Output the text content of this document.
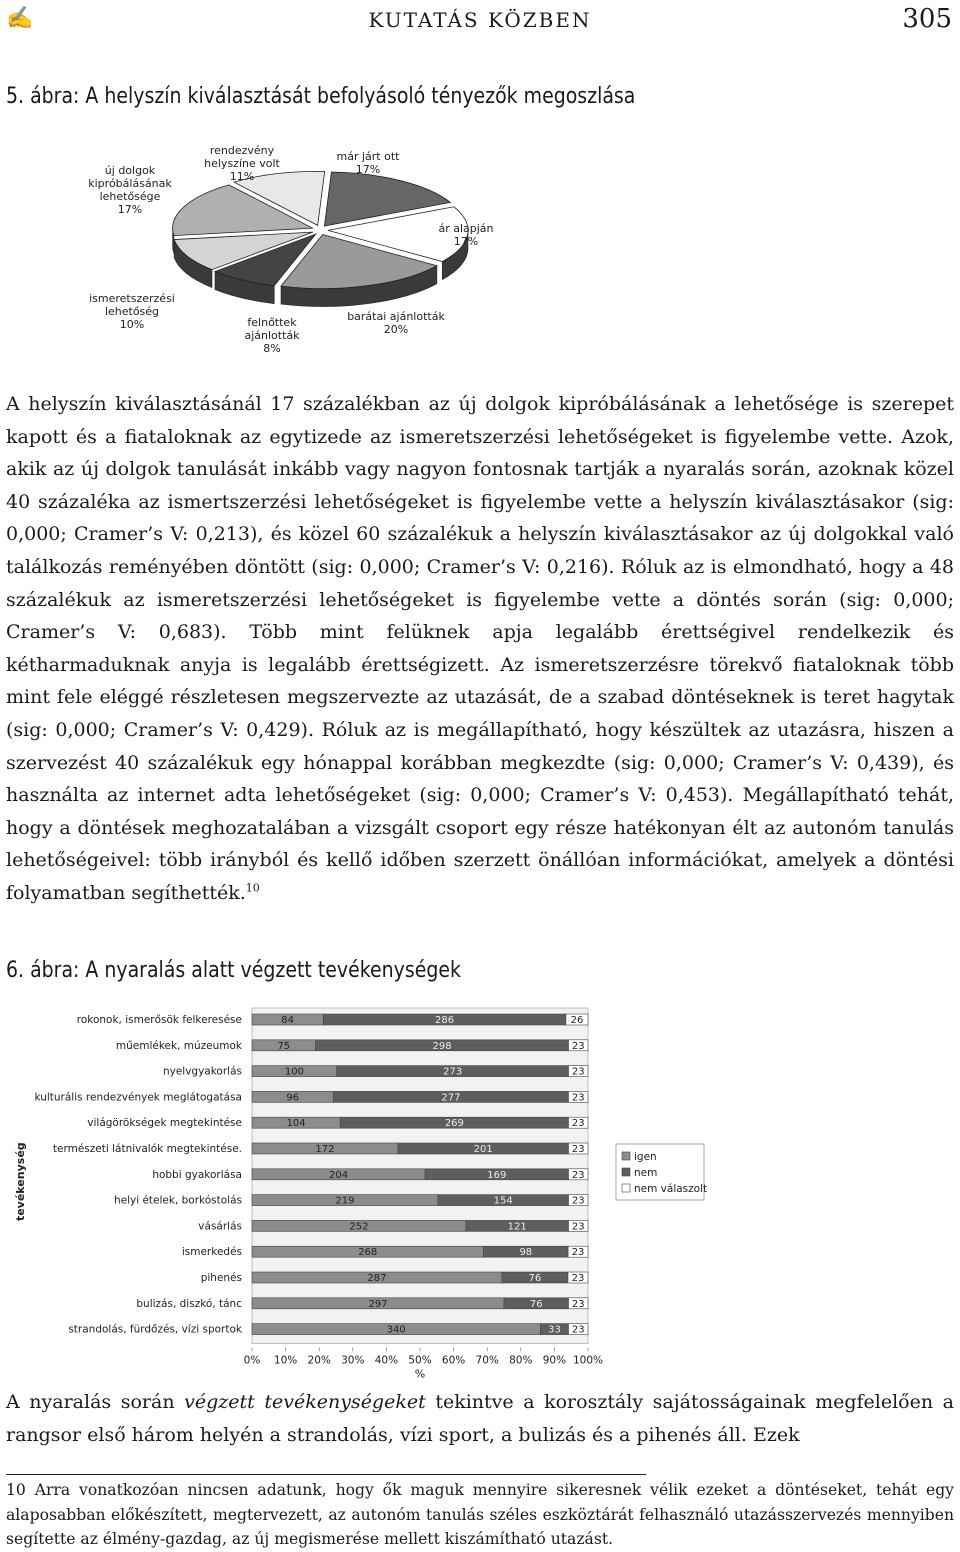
✍	KUTATÁS KÖZBEN	305
5. ábra: A helyszín kiválasztását befolyásoló tényezők megoszlása
már járt ott 17%
ár alapján 17%
barátai ajánlották 20%
felnőttek ajánlották 8%
ismeretszerzési lehetőség 10%
új dolgok kipróbálásának lehetősége 17%
rendezvény helyszíne volt 11%

A helyszín kiválasztásánál 17 százalékban az új dolgok kipróbálásának a lehetősége is szerepet kapott és a fiataloknak az egytizede az ismeretszerzési lehetőségeket is figyelembe vette. Azok, akik az új dolgok tanulását inkább vagy nagyon fontosnak tartják a nyaralás során, azoknak közel 40 százaléka az ismertszerzési lehetőségeket is figyelembe vette a helyszín kiválasztásakor (sig: 0,000; Cramer’s V: 0,213), és közel 60 százalékuk a helyszín kiválasztásakor az új dolgokkal való találkozás reményében döntött (sig: 0,000; Cramer’s V: 0,216). Róluk az is elmondható, hogy a 48 százalékuk az ismeretszerzési lehetőségeket is figyelembe vette a döntés során (sig: 0,000; Cramer’s V: 0,683). Több mint felüknek apja legalább érettségivel rendelkezik és kétharmaduknak anyja is legalább érettségizett. Az ismeretszerzésre törekvő fiataloknak több mint fele eléggé részletesen megszervezte az utazását, de a szabad döntéseknek is teret hagytak (sig: 0,000; Cramer’s V: 0,429). Róluk az is megállapítható, hogy készültek az utazásra, hiszen a szervezést 40 százalékuk egy hónappal korábban megkezdte (sig: 0,000; Cramer’s V: 0,439), és használta az internet adta lehetőségeket (sig: 0,000; Cramer’s V: 0,453). Megállapítható tehát, hogy a döntések meghozatalában a vizsgált csoport egy része hatékonyan élt az autonóm tanulás lehetőségeivel: több irányból és kellő időben szerzett önállóan információkat, amelyek a döntési folyamatban segíthették.$^{10}$

6. ábra: A nyaralás alatt végzett tevékenységek
rokonok, ismerősök felkeresése	84	286	26
műemlékek, múzeumok	75	298	23
nyelvgyakorlás	100	273	23
kulturális rendezvények meglátogatása	96	277	23
világörökségek megtekintése	104	269	23
természeti látnivalók megtekintése.	172	201	23
hobbi gyakorlása	204	169	23
helyi ételek, borkóstolás	219	154	23
vásárlás	252	121	23
ismerkedés	268	98	23
pihenés	287	76	23
bulizás, diszkó, tánc	297	76	23
strandolás, fürdőzés, vízi sportok	340	33 23
0% 10% 20% 30% 40% 50% 60% 70% 80% 90% 100%
%
tevékenység	igen
nem
nem válaszolt

A nyaralás során végzett tevékenységeket tekintve a korosztály sajátosságainak megfelelően a rangsor első három helyén a strandolás, vízi sport, a bulizás és a pihenés áll. Ezek

10 Arra vonatkozóan nincsen adatunk, hogy ők maguk mennyire sikeresnek vélik ezeket a döntéseket, tehát egy alaposabban előkészített, megtervezett, az autonóm tanulás széles eszköztárát felhasználó utazásszervezés mennyiben segítette az élmény-gazdag, az új megismerése mellett kiszámítható utazást.
